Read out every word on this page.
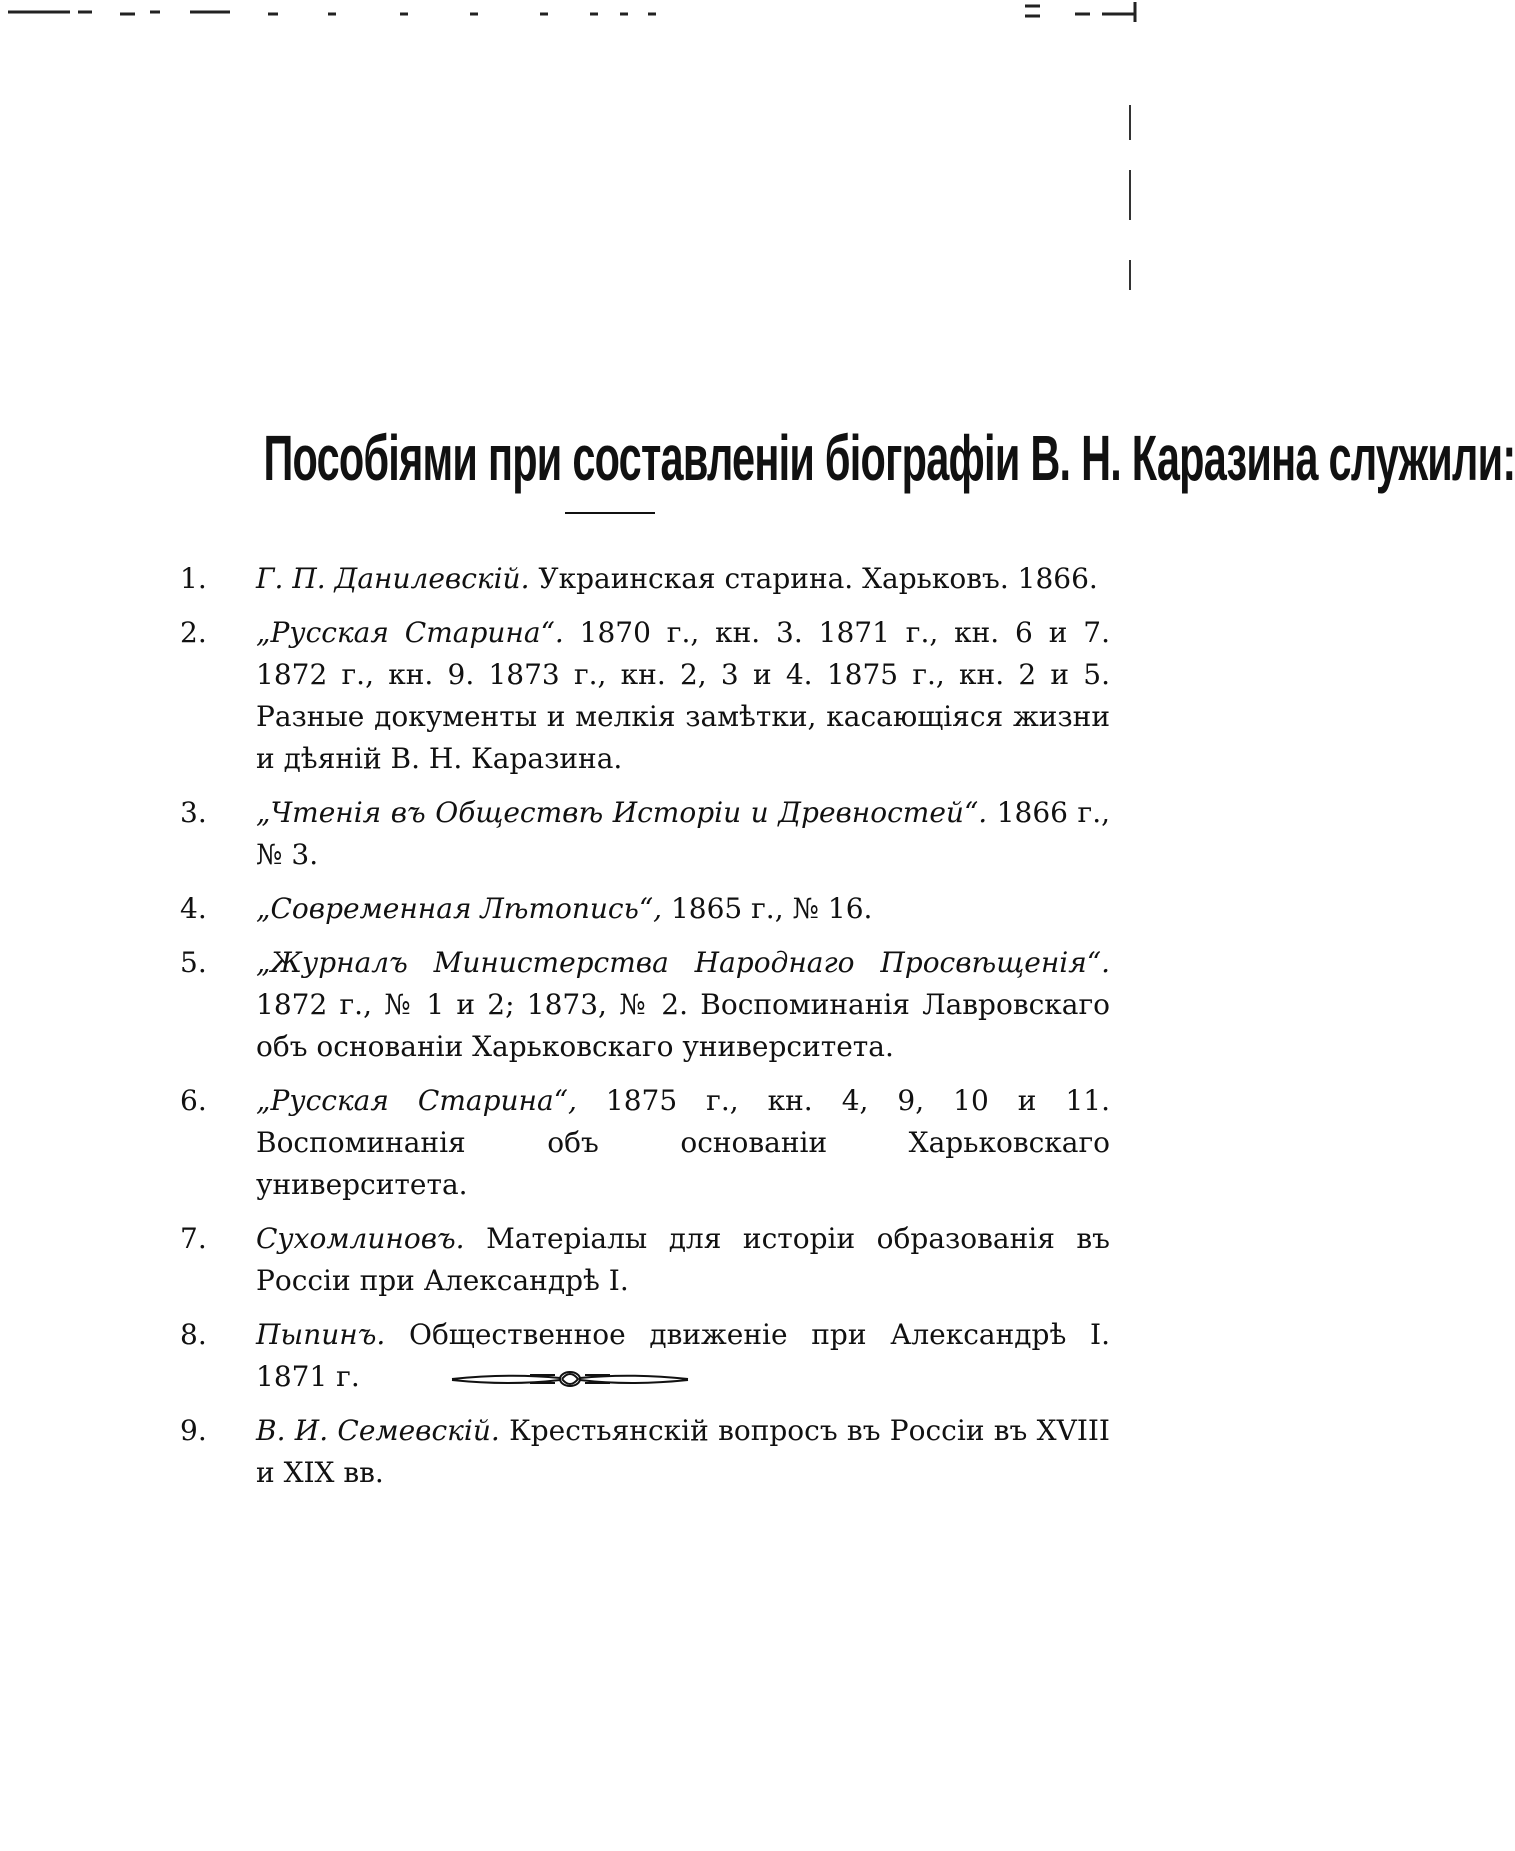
Пособіями при составленіи біографіи В. Н. Каразина служили:
1. Г. П. Данилевскій. Украинская старина. Харьковъ. 1866.
2. „Русская Старина“. 1870 г., кн. 3. 1871 г., кн. 6 и 7. 1872 г., кн. 9. 1873 г., кн. 2, 3 и 4. 1875 г., кн. 2 и 5. Разные документы и мелкія замѣтки, касающіяся жизни и дѣяній В. Н. Каразина.
3. „Чтенія въ Обществѣ Исторіи и Древностей“. 1866 г., № 3.
4. „Современная Лѣтопись“, 1865 г., № 16.
5. „Журналъ Министерства Народнаго Просвѣщенія“. 1872 г., № 1 и 2; 1873, № 2. Воспоминанія Лавровскаго объ основаніи Харьковскаго университета.
6. „Русская Старина“, 1875 г., кн. 4, 9, 10 и 11. Воспоминанія объ основаніи Харьковскаго университета.
7. Сухомлиновъ. Матеріалы для исторіи образованія въ Россіи при Александрѣ I.
8. Пыпинъ. Общественное движеніе при Александрѣ I. 1871 г.
9. В. И. Семевскій. Крестьянскій вопросъ въ Россіи въ XVIII и XIX вв.
